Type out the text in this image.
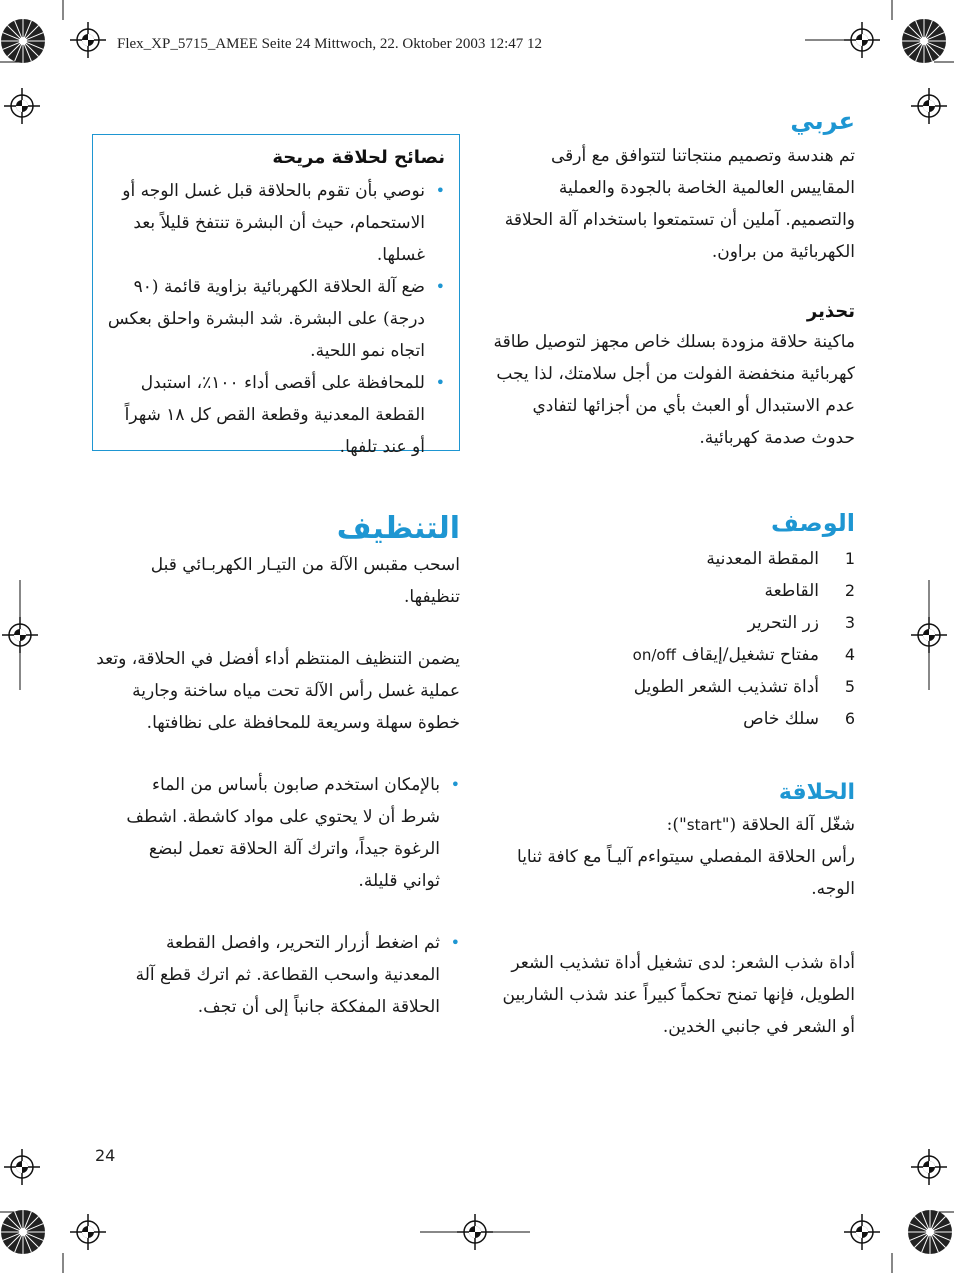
Flex_XP_5715_AMEE Seite 24 Mittwoch, 22. Oktober 2003 12:47 12
عربي

تم هندسة وتصميم منتجاتنا لتتوافق مع أرقى المقاييس العالمية الخاصة بالجودة والعملية والتصميم. آملين أن تستمتعوا باستخدام آلة الحلاقة الكهربائية من براون.

تحذير

ماكينة حلاقة مزودة بسلك خاص مجهز لتوصيل طاقة كهربائية منخفضة الفولت من أجل سلامتك، لذا يجب عدم الاستبدال أو العبث بأي من أجزائها لتفادي حدوث صدمة كهربائية.

الوصف
1
المقطة المعدنية
2
القاطعة
3
زر التحرير
4
مفتاح تشغيل/إيقاف
on/off
5
أداة تشذيب الشعر الطويل
6
سلك خاص
الحلاقة

شغّل آلة الحلاقة ("start"):

رأس الحلاقة المفصلي سيتواءم آليـاً مع كافة ثنايا الوجه.

أداة شذب الشعر: لدى تشغيل أداة تشذيب الشعر الطويل، فإنها تمنح تحكماً كبيراً عند شذب الشاربين أو الشعر في جانبي الخدين.

نصائح لحلاقة مريحة
•
نوصي بأن تقوم بالحلاقة قبل غسل الوجه أو الاستحمام، حيث أن البشرة تنتفخ قليلاً بعد غسلها.
•
ضع آلة الحلاقة الكهربائية بزاوية قائمة (٩٠ درجة) على البشرة. شد البشرة واحلق بعكس اتجاه نمو اللحية.
•
للمحافظة على أقصى أداء ١٠٠٪، استبدل القطعة المعدنية وقطعة القص كل ١٨ شهراً أو عند تلفها.
التنظيف

اسحب مقبس الآلة من التيـار الكهربـائي قبل تنظيفها.

يضمن التنظيف المنتظم أداء أفضل في الحلاقة، وتعد عملية غسل رأس الآلة تحت مياه ساخنة وجارية خطوة سهلة وسريعة للمحافظة على نظافتها.

•
بالإمكان استخدم صابون بأساس من الماء شرط أن لا يحتوي على مواد كاشطة. اشطف الرغوة جيداً، واترك آلة الحلاقة تعمل لبضع ثواني قليلة.
•
ثم اضغط أزرار التحرير، وافصل القطعة المعدنية واسحب القطاعة. ثم اترك قطع آلة الحلاقة المفككة جانباً إلى أن تجف.
24
